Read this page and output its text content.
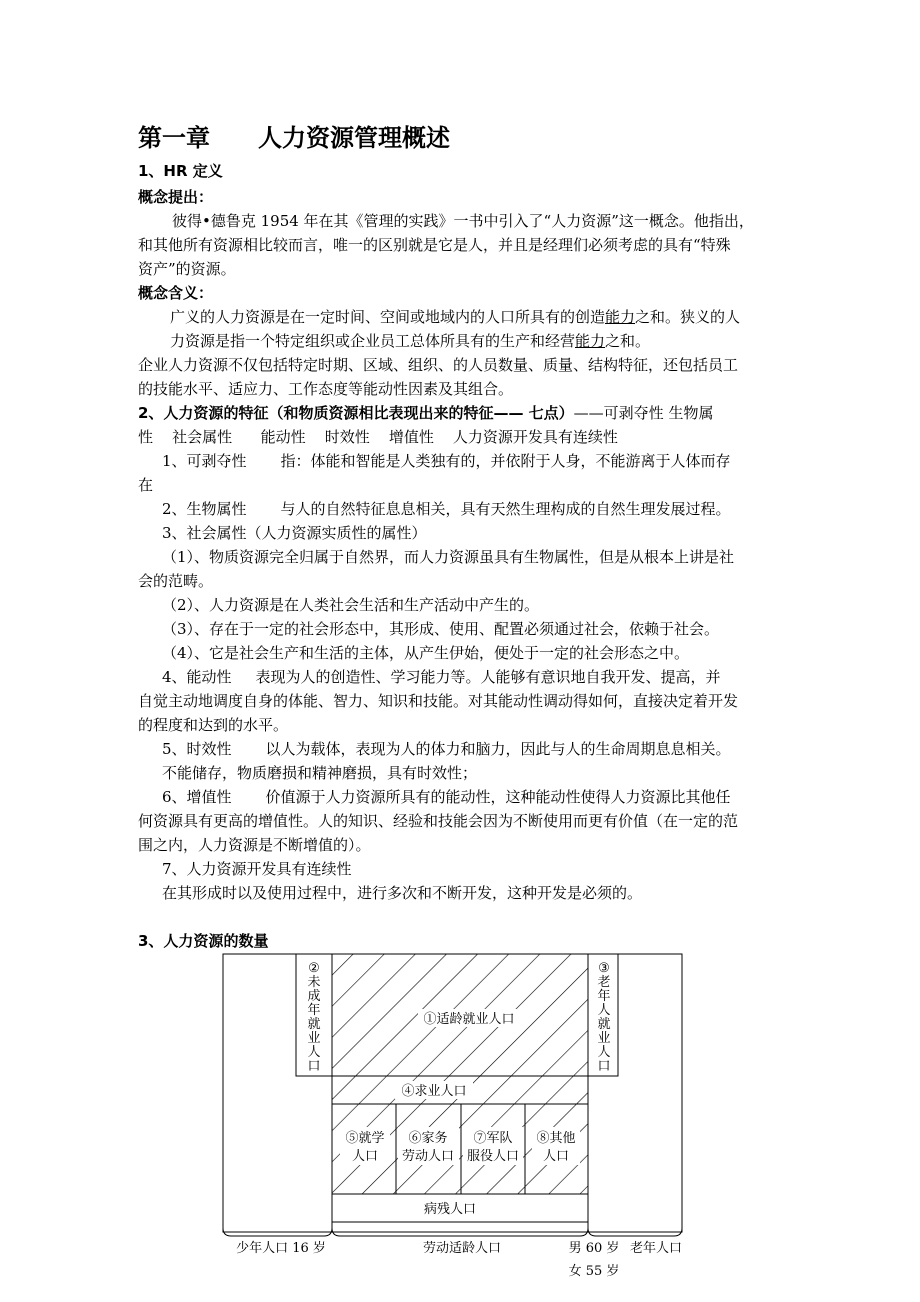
第一章 人力资源管理概述
1、HR 定义
概念提出：
彼得•德鲁克 1954 年在其《管理的实践》一书中引入了“人力资源”这一概念。他指出，
和其他所有资源相比较而言，唯一的区别就是它是人，并且是经理们必须考虑的具有“特殊
资产”的资源。
概念含义：
广义的人力资源是在一定时间、空间或地域内的人口所具有的创造能力之和。狭义的人
力资源是指一个特定组织或企业员工总体所具有的生产和经营能力之和。
企业人力资源不仅包括特定时期、区域、组织、的人员数量、质量、结构特征，还包括员工
的技能水平、适应力、工作态度等能动性因素及其组合。
2、人力资源的特征（和物质资源相比表现出来的特征—— 七点）——可剥夺性 生物属
性    社会属性      能动性    时效性    增值性    人力资源开发具有连续性
1、可剥夺性 指：体能和智能是人类独有的，并依附于人身，不能游离于人体而存
在
2、生物属性 与人的自然特征息息相关，具有天然生理构成的自然生理发展过程。
3、社会属性（人力资源实质性的属性）
（1）、物质资源完全归属于自然界，而人力资源虽具有生物属性，但是从根本上讲是社
会的范畴。
（2）、人力资源是在人类社会生活和生产活动中产生的。
（3）、存在于一定的社会形态中，其形成、使用、配置必须通过社会，依赖于社会。
（4）、它是社会生产和生活的主体，从产生伊始，便处于一定的社会形态之中。
4、能动性 表现为人的创造性、学习能力等。人能够有意识地自我开发、提高，并
自觉主动地调度自身的体能、智力、知识和技能。对其能动性调动得如何，直接决定着开发
的程度和达到的水平。
5、时效性 以人为载体，表现为人的体力和脑力，因此与人的生命周期息息相关。
不能储存，物质磨损和精神磨损，具有时效性；
6、增值性 价值源于人力资源所具有的能动性，这种能动性使得人力资源比其他任
何资源具有更高的增值性。人的知识、经验和技能会因为不断使用而更有价值（在一定的范
围之内，人力资源是不断增值的）。
7、人力资源开发具有连续性
在其形成时以及使用过程中，进行多次和不断开发，这种开发是必须的。
3、人力资源的数量
②
未
成
年
就
业
人
口
③
老
年
人
就
业
人
口
①适龄就业人口
④求业人口
⑤就学
人口
⑥家务
劳动人口
⑦军队
服役人口
⑧其他
人口
病残人口
少年人口 16 岁	劳动适龄人口	男 60 岁
女 55 岁
老年人口
